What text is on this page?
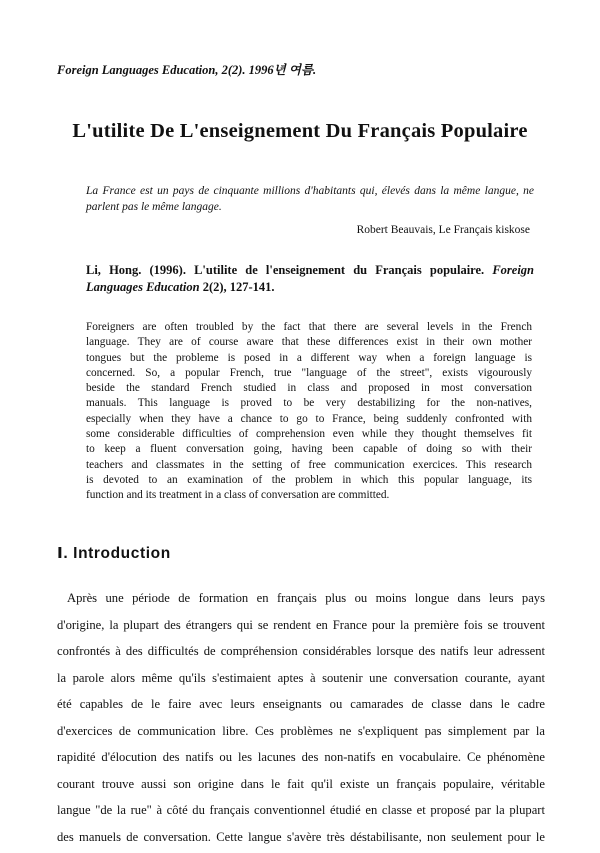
Foreign Languages Education, 2(2). 1996년 여름.
L'utilite De L'enseignement Du Français Populaire
La France est un pays de cinquante millions d'habitants qui, élevés dans la même langue, ne parlent pas le même langage.
Robert Beauvais, Le Français kiskose
Li, Hong. (1996). L'utilite de l'enseignement du Français populaire. Foreign Languages Education 2(2), 127-141.
Foreigners are often troubled by the fact that there are several levels in the French
language. They are of course aware that these differences exist in their own mother
tongues but the probleme is posed in a different way when a foreign language is
concerned. So, a popular French, true "language of the street", exists vigourously
beside the standard French studied in class and proposed in most conversation
manuals. This language is proved to be very destabilizing for the non-natives,
especially when they have a chance to go to France, being suddenly confronted with
some considerable difficulties of comprehension even while they thought themselves fit
to keep a fluent conversation going, having been capable of doing so with their
teachers and classmates in the setting of free communication exercices. This research
is devoted to an examination of the problem in which this popular language, its
function and its treatment in a class of conversation are committed.
Ⅰ. Introduction
Après une période de formation en français plus ou moins longue dans leurs pays
d'origine, la plupart des étrangers qui se rendent en France pour la première fois se trouvent
confrontés à des difficultés de compréhension considérables lorsque des natifs leur adressent
la parole alors même qu'ils s'estimaient aptes à soutenir une conversation courante, ayant
été capables de le faire avec leurs enseignants ou camarades de classe dans le cadre
d'exercices de communication libre. Ces problèmes ne s'expliquent pas simplement par la
rapidité d'élocution des natifs ou les lacunes des non-natifs en vocabulaire. Ce phénomène
courant trouve aussi son origine dans le fait qu'il existe un français populaire, véritable
langue "de la rue" à côté du français conventionnel étudié en classe et proposé par la plupart
des manuels de conversation. Cette langue s'avère très déstabilisante, non seulement pour le
